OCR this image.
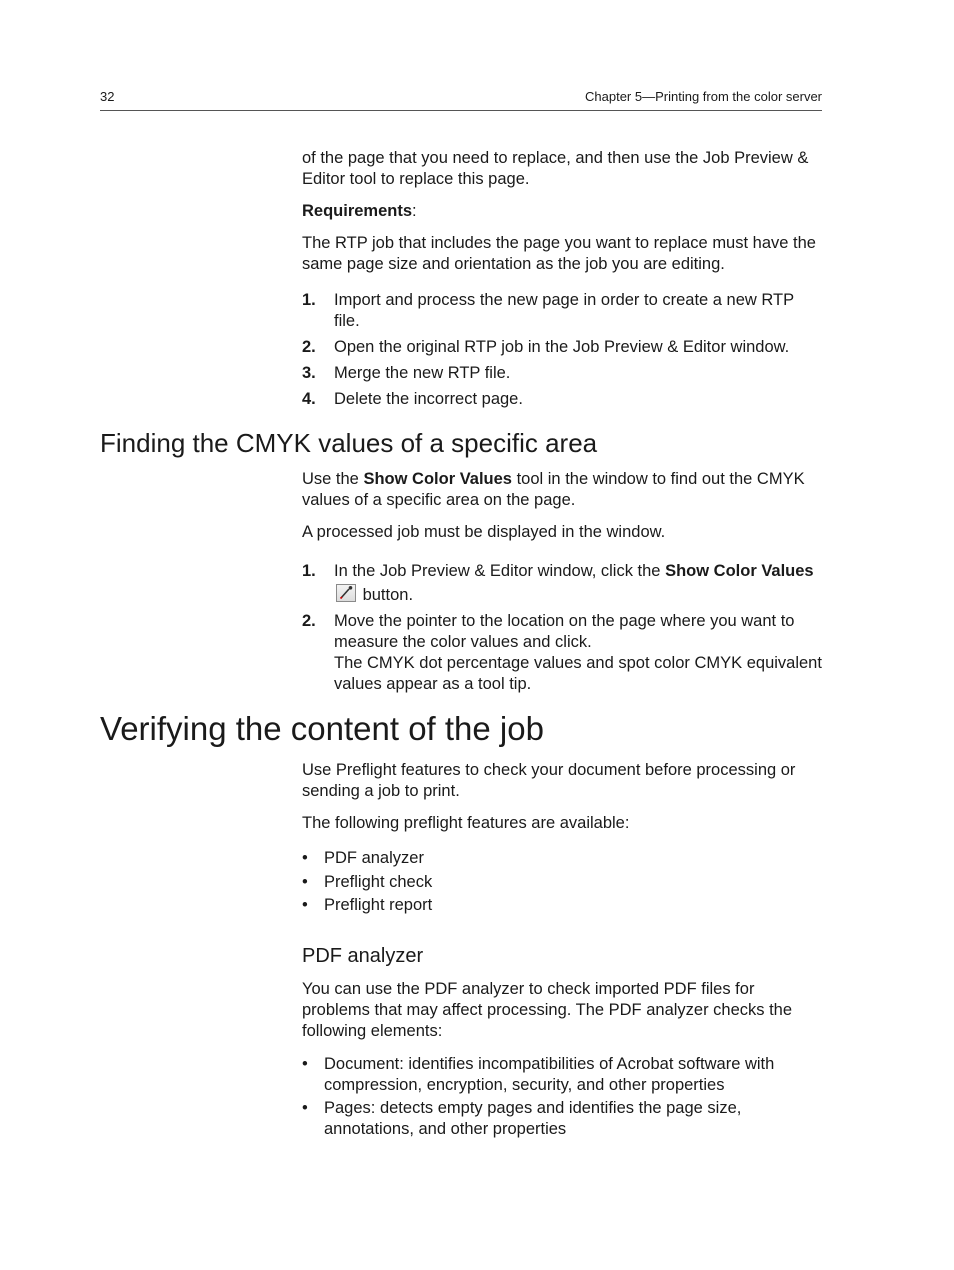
32	Chapter 5—Printing from the color server

of the page that you need to replace, and then use the Job Preview & Editor tool to replace this page.

Requirements:

The RTP job that includes the page you want to replace must have the same page size and orientation as the job you are editing.

1. Import and process the new page in order to create a new RTP file.
2. Open the original RTP job in the Job Preview & Editor window.
3. Merge the new RTP file.
4. Delete the incorrect page.
Finding the CMYK values of a specific area

Use the Show Color Values tool in the window to find out the CMYK values of a specific area on the page.

A processed job must be displayed in the window.

1. In the Job Preview & Editor window, click the Show Color Values
button.
2. Move the pointer to the location on the page where you want to measure the color values and click.
The CMYK dot percentage values and spot color CMYK equivalent values appear as a tool tip.
Verifying the content of the job

Use Preflight features to check your document before processing or sending a job to print.

The following preflight features are available:

• PDF analyzer
• Preflight check
• Preflight report
PDF analyzer

You can use the PDF analyzer to check imported PDF files for problems that may affect processing. The PDF analyzer checks the following elements:

• Document: identifies incompatibilities of Acrobat software with compression, encryption, security, and other properties
• Pages: detects empty pages and identifies the page size, annotations, and other properties
